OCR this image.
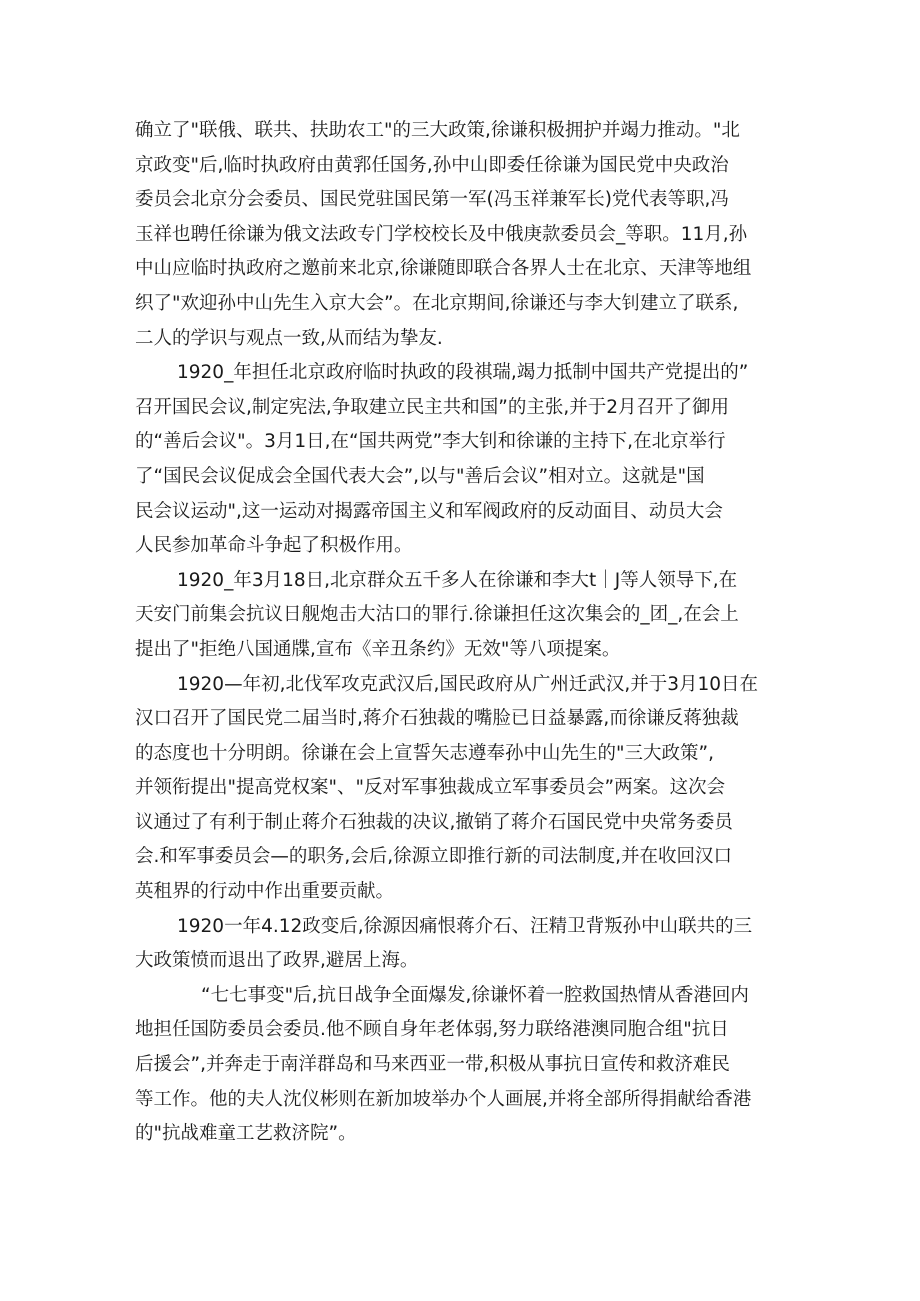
确立了"联俄、联共、扶助农工"的三大政策,徐谦积极拥护并竭力推动。"北
京政变"后,临时执政府由黄郛任国务,孙中山即委任徐谦为国民党中央政治
委员会北京分会委员、国民党驻国民第一军(冯玉祥兼军长)党代表等职,冯
玉祥也聘任徐谦为俄文法政专门学校校长及中俄庚款委员会_等职。11月,孙
中山应临时执政府之邀前来北京,徐谦随即联合各界人士在北京、天津等地组
织了"欢迎孙中山先生入京大会”。在北京期间,徐谦还与李大钊建立了联系,
二人的学识与观点一致,从而结为挚友.

1920_年担任北京政府临时执政的段祺瑞,竭力抵制中国共产党提出的”
召开国民会议,制定宪法,争取建立民主共和国”的主张,并于2月召开了御用
的“善后会议"。3月1日,在“国共两党”李大钊和徐谦的主持下,在北京举行
了“国民会议促成会全国代表大会”,以与"善后会议”相对立。这就是"国
民会议运动",这一运动对揭露帝国主义和军阀政府的反动面目、动员大会
人民参加革命斗争起了积极作用。

1920_年3月18日,北京群众五千多人在徐谦和李大t｜J等人领导下,在
天安门前集会抗议日舰炮击大沽口的罪行.徐谦担任这次集会的_团_,在会上
提出了"拒绝八国通牒,宣布《辛丑条约》无效"等八项提案。

1920—年初,北伐军攻克武汉后,国民政府从广州迁武汉,并于3月10日在
汉口召开了国民党二届当时,蒋介石独裁的嘴脸已日益暴露,而徐谦反蒋独裁
的态度也十分明朗。徐谦在会上宣誓矢志遵奉孙中山先生的"三大政策”,
并领衔提出"提高党权案"、"反对军事独裁成立军事委员会”两案。这次会
议通过了有利于制止蒋介石独裁的决议,撤销了蒋介石国民党中央常务委员
会.和军事委员会—的职务,会后,徐源立即推行新的司法制度,并在收回汉口
英租界的行动中作出重要贡献。

1920一年4.12政变后,徐源因痛恨蒋介石、汪精卫背叛孙中山联共的三
大政策愤而退出了政界,避居上海。

“七七事变"后,抗日战争全面爆发,徐谦怀着一腔救国热情从香港回内
地担任国防委员会委员.他不顾自身年老体弱,努力联络港澳同胞合组"抗日
后援会”,并奔走于南洋群岛和马来西亚一带,积极从事抗日宣传和救济难民
等工作。他的夫人沈仪彬则在新加坡举办个人画展,并将全部所得捐献给香港
的"抗战难童工艺救济院”。
